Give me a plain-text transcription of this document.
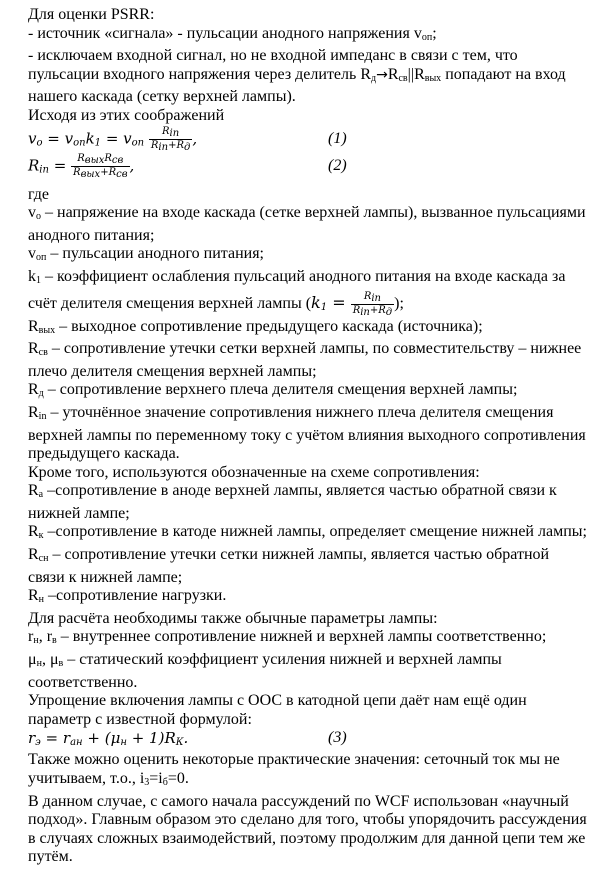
Для оценки PSRR:

- источник «сигнала» - пульсации анодного напряжения $v_{оп}$;

- исключаем входной сигнал, но не входной импеданс в связи с тем, что пульсации входного напряжения через делитель $R_д\to R_{св}||R_{вых}$ попадают на вход нашего каскада (сетку верхней лампы).

Исходя из этих соображений

$v_о = v_{оп}k_1 = v_{оп} \frac{\text{Rin}}{\text{Rin+Rд}}$ ,	(1)
$R_{in} = \frac{\text{RвыхRсв}}{\text{Rвых+Rсв}}$ ,	(2)

где

$v_о$ – напряжение на входе каскада (сетке верхней лампы), вызванное пульсациями анодного питания;

$v_{оп}$ – пульсации анодного питания;

$k_1$ – коэффициент ослабления пульсаций анодного питания на входе каскада за счёт делителя смещения верхней лампы ($k_1 = \frac{\text{Rin}}{\text{Rin+Rд}}$ );

$R_{вых}$ – выходное сопротивление предыдущего каскада (источника);

$R_{св}$ – сопротивление утечки сетки верхней лампы, по совместительству – нижнее плечо делителя смещения верхней лампы;

$R_д$ – сопротивление верхнего плеча делителя смещения верхней лампы;

$R_{in}$ – уточнённое значение сопротивления нижнего плеча делителя смещения верхней лампы по переменному току с учётом влияния выходного сопротивления предыдущего каскада.

Кроме того, используются обозначенные на схеме сопротивления:

$R_а$ –сопротивление в аноде верхней лампы, является частью обратной связи к нижней лампе;

$R_к$ –сопротивление в катоде нижней лампы, определяет смещение нижней лампы;

$R_{сн}$ – сопротивление утечки сетки нижней лампы, является частью обратной связи к нижней лампе;

$R_н$ –сопротивление нагрузки.

Для расчёта необходимы также обычные параметры лампы:

$r_н$, $r_в$ – внутреннее сопротивление нижней и верхней лампы соответственно;

$\mu_н$, $\mu_в$ – статический коэффициент усиления нижней и верхней лампы соответственно.

Упрощение включения лампы с ООС в катодной цепи даёт нам ещё один параметр с известной формулой:

$r_э = r_{ан} + (\mu_н + 1)R_К$.	(3)

Также можно оценить некоторые практические значения: сеточный ток мы не учитываем, т.о., $i_3=i_б=0$.

В данном случае, с самого начала рассуждений по WCF использован «научный подход». Главным образом это сделано для того, чтобы упорядочить рассуждения в случаях сложных взаимодействий, поэтому продолжим для данной цепи тем же путём.
